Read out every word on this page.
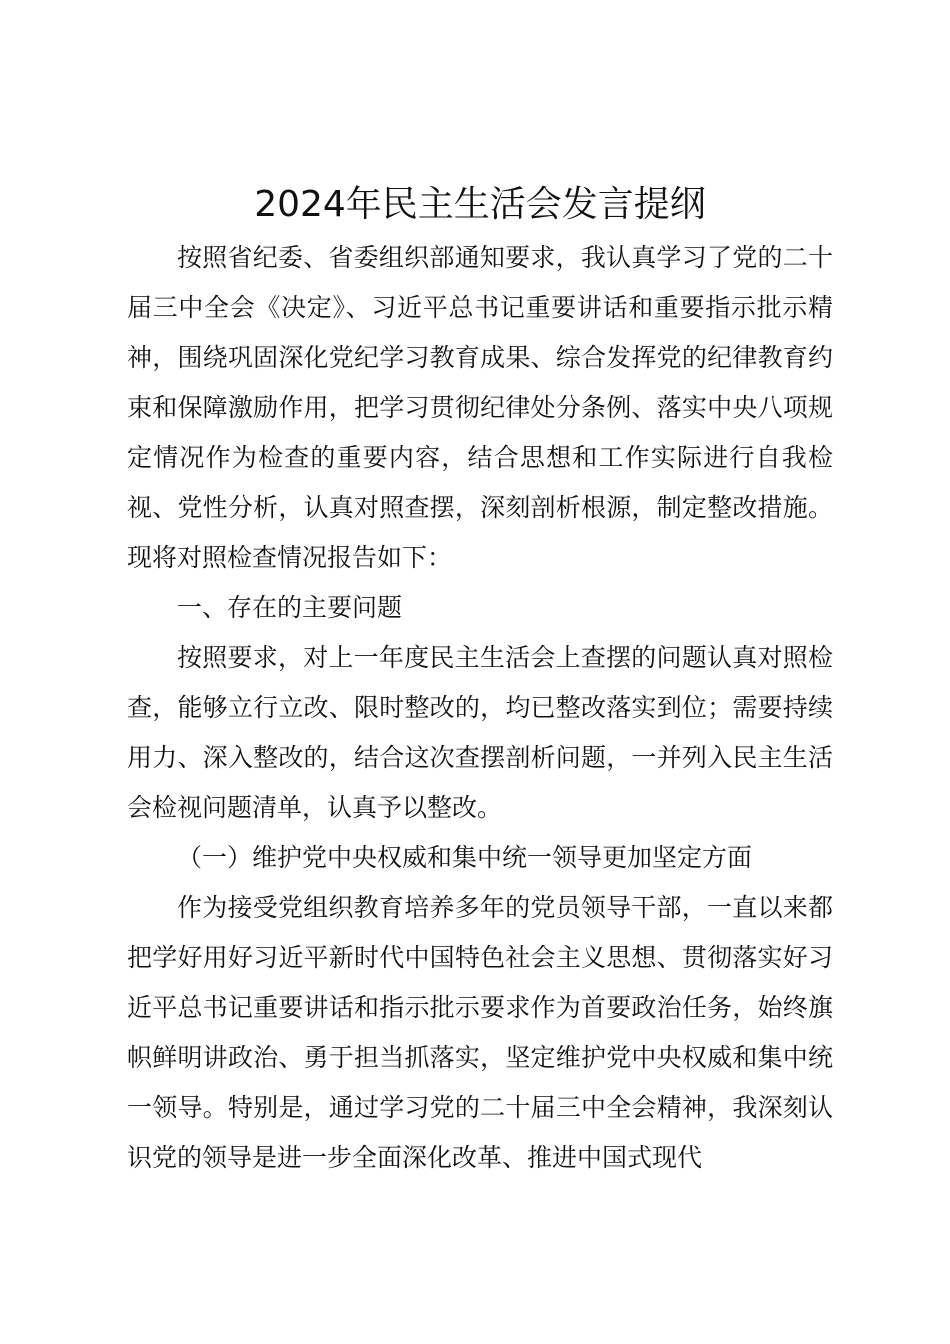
2024年民主生活会发言提纲

按照省纪委、省委组织部通知要求，我认真学习了党的二十届三中全会《决定》、习近平总书记重要讲话和重要指示批示精神，围绕巩固深化党纪学习教育成果、综合发挥党的纪律教育约束和保障激励作用，把学习贯彻纪律处分条例、落实中央八项规定情况作为检查的重要内容，结合思想和工作实际进行自我检视、党性分析，认真对照查摆，深刻剖析根源，制定整改措施。现将对照检查情况报告如下：

一、存在的主要问题

按照要求，对上一年度民主生活会上查摆的问题认真对照检查，能够立行立改、限时整改的，均已整改落实到位；需要持续用力、深入整改的，结合这次查摆剖析问题，一并列入民主生活会检视问题清单，认真予以整改。

（一）维护党中央权威和集中统一领导更加坚定方面

作为接受党组织教育培养多年的党员领导干部，一直以来都把学好用好习近平新时代中国特色社会主义思想、贯彻落实好习近平总书记重要讲话和指示批示要求作为首要政治任务，始终旗帜鲜明讲政治、勇于担当抓落实，坚定维护党中央权威和集中统一领导。特别是，通过学习党的二十届三中全会精神，我深刻认识党的领导是进一步全面深化改革、推进中国式现代
